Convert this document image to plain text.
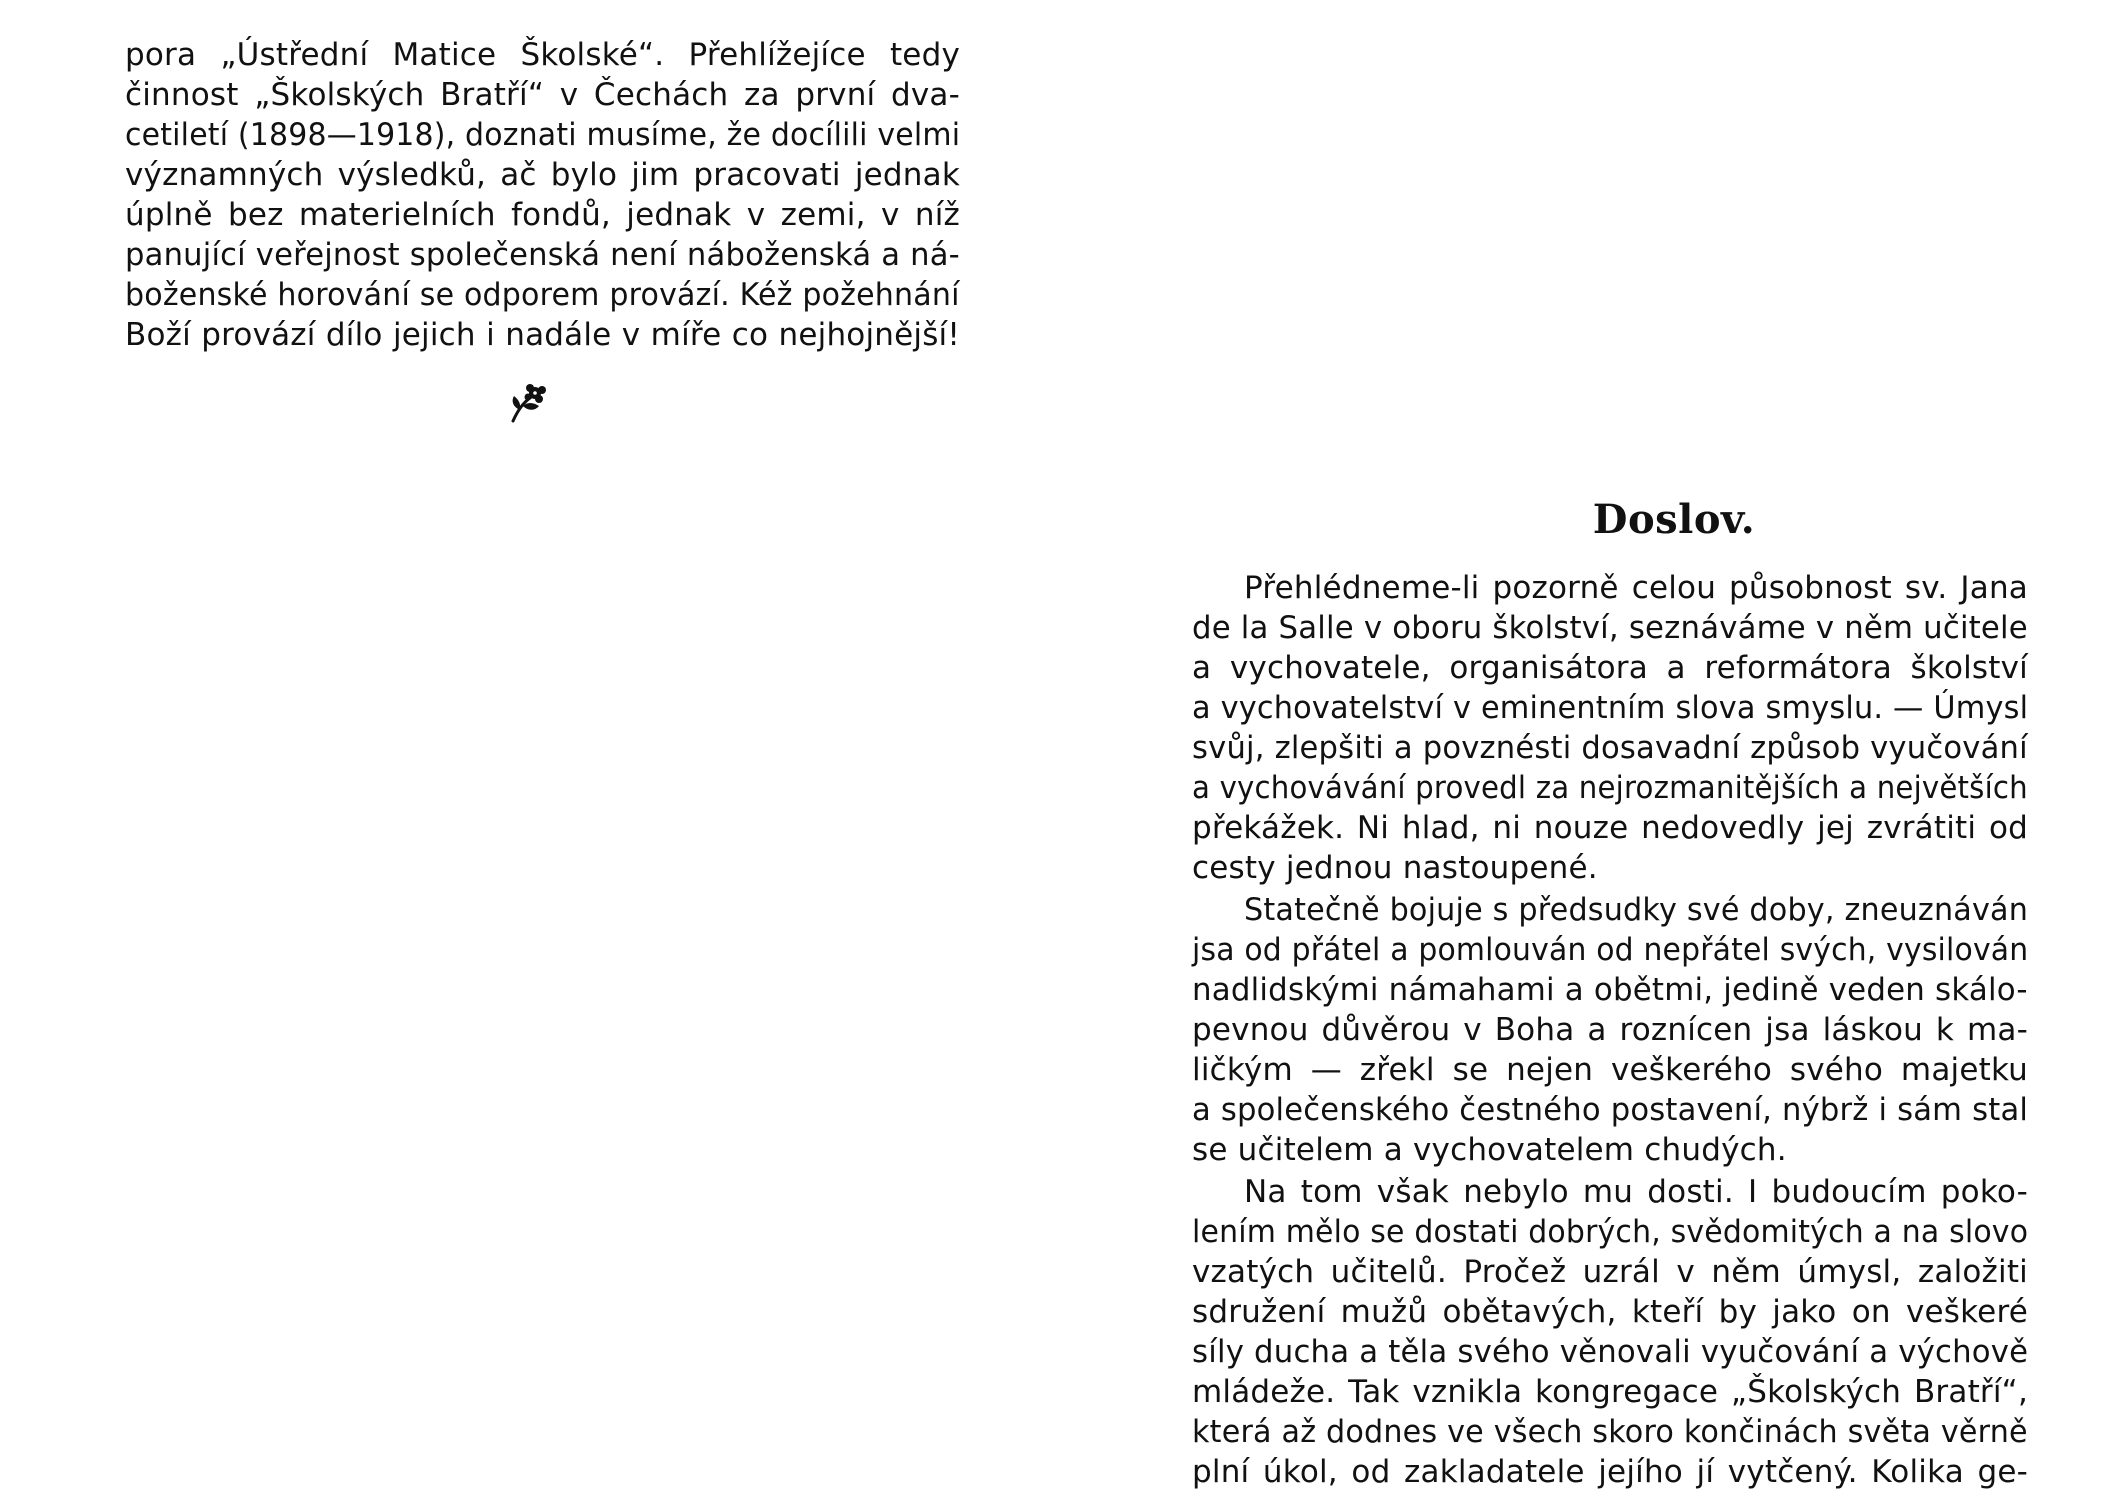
pora „Ústřední Matice Školské“. Přehlížejíce tedy
činnost „Školských Bratří“ v Čechách za první dva-
cetiletí (1898—1918), doznati musíme, že docílili velmi
významných výsledků, ač bylo jim pracovati jednak
úplně bez materielních fondů, jednak v zemi, v níž
panující veřejnost společenská není náboženská a ná-
boženské horování se odporem provází. Kéž požehnání
Boží provází dílo jejich i nadále v míře co nejhojnější!
Doslov.
Přehlédneme-li pozorně celou působnost sv. Jana
de la Salle v oboru školství, seznáváme v něm učitele
a vychovatele, organisátora a reformátora školství
a vychovatelství v eminentním slova smyslu. — Úmysl
svůj, zlepšiti a povznésti dosavadní způsob vyučování
a vychovávání provedl za nejrozmanitějších a největších
překážek. Ni hlad, ni nouze nedovedly jej zvrátiti od
cesty jednou nastoupené.
Statečně bojuje s předsudky své doby, zneuznáván
jsa od přátel a pomlouván od nepřátel svých, vysilován
nadlidskými námahami a obětmi, jedině veden skálo-
pevnou důvěrou v Boha a roznícen jsa láskou k ma-
ličkým — zřekl se nejen veškerého svého majetku
a společenského čestného postavení, nýbrž i sám stal
se učitelem a vychovatelem chudých.
Na tom však nebylo mu dosti. I budoucím poko-
lením mělo se dostati dobrých, svědomitých a na slovo
vzatých učitelů. Pročež uzrál v něm úmysl, založiti
sdružení mužů obětavých, kteří by jako on veškeré
síly ducha a těla svého věnovali vyučování a výchově
mládeže. Tak vznikla kongregace „Školských Bratří“,
která až dodnes ve všech skoro končinách světa věrně
plní úkol, od zakladatele jejího jí vytčený. Kolika ge-
